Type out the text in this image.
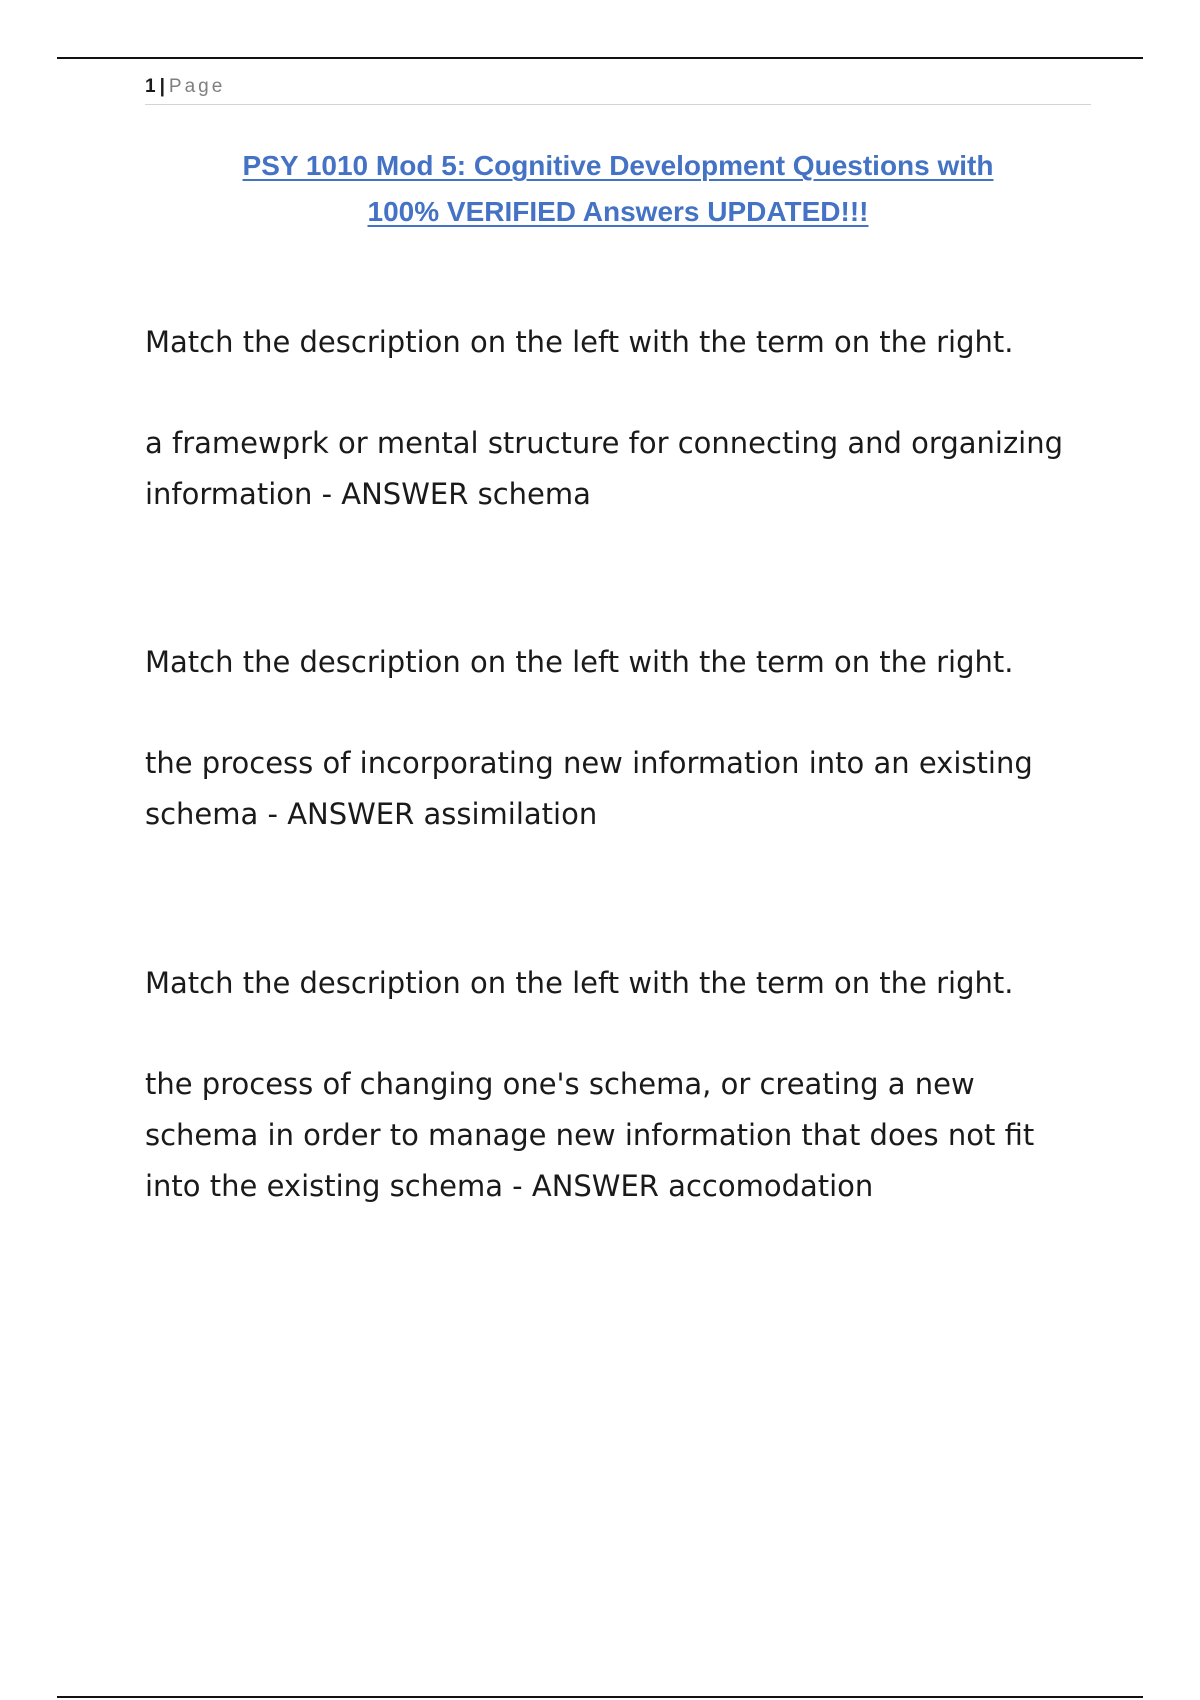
1 | Page
PSY 1010 Mod 5: Cognitive Development Questions with
100% VERIFIED Answers UPDATED!!!

Match the description on the left with the term on the right.

a framewprk or mental structure for connecting and organizing information - ANSWER schema

Match the description on the left with the term on the right.

the process of incorporating new information into an existing schema - ANSWER assimilation

Match the description on the left with the term on the right.

the process of changing one's schema, or creating a new schema in order to manage new information that does not fit into the existing schema - ANSWER accomodation
